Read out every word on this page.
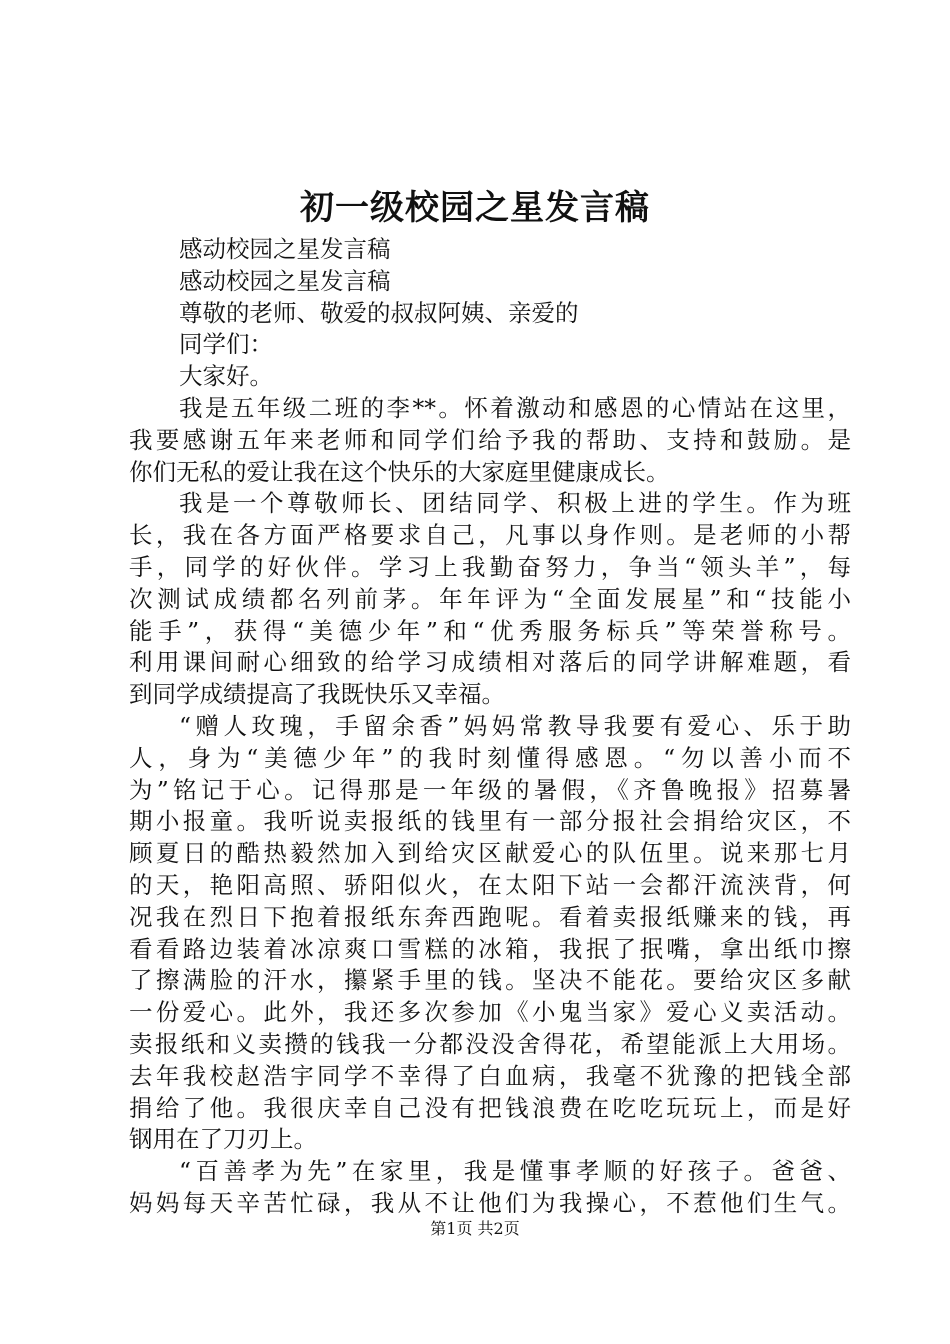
初一级校园之星发言稿
感动校园之星发言稿
感动校园之星发言稿
尊敬的老师、敬爱的叔叔阿姨、亲爱的
同学们：
大家好。
我是五年级二班的李**。怀着激动和感恩的心情站在这里，
我要感谢五年来老师和同学们给予我的帮助、支持和鼓励。是
你们无私的爱让我在这个快乐的大家庭里健康成长。
我是一个尊敬师长、团结同学、积极上进的学生。作为班
长，我在各方面严格要求自己，凡事以身作则。是老师的小帮
手，同学的好伙伴。学习上我勤奋努力，争当“领头羊”，每
次测试成绩都名列前茅。年年评为“全面发展星”和“技能小
能手”，获得“美德少年”和“优秀服务标兵”等荣誉称号。
利用课间耐心细致的给学习成绩相对落后的同学讲解难题，看
到同学成绩提高了我既快乐又幸福。
“赠人玫瑰，手留余香”妈妈常教导我要有爱心、乐于助
人，身为“美德少年”的我时刻懂得感恩。“勿以善小而不
为”铭记于心。记得那是一年级的暑假，《齐鲁晚报》招募暑
期小报童。我听说卖报纸的钱里有一部分报社会捐给灾区，不
顾夏日的酷热毅然加入到给灾区献爱心的队伍里。说来那七月
的天，艳阳高照、骄阳似火，在太阳下站一会都汗流浃背，何
况我在烈日下抱着报纸东奔西跑呢。看着卖报纸赚来的钱，再
看看路边装着冰凉爽口雪糕的冰箱，我抿了抿嘴，拿出纸巾擦
了擦满脸的汗水，攥紧手里的钱。坚决不能花。要给灾区多献
一份爱心。此外，我还多次参加《小鬼当家》爱心义卖活动。
卖报纸和义卖攒的钱我一分都没没舍得花，希望能派上大用场。
去年我校赵浩宇同学不幸得了白血病，我毫不犹豫的把钱全部
捐给了他。我很庆幸自己没有把钱浪费在吃吃玩玩上，而是好
钢用在了刀刃上。
“百善孝为先”在家里，我是懂事孝顺的好孩子。爸爸、
妈妈每天辛苦忙碌，我从不让他们为我操心，不惹他们生气。
第1页 共2页
